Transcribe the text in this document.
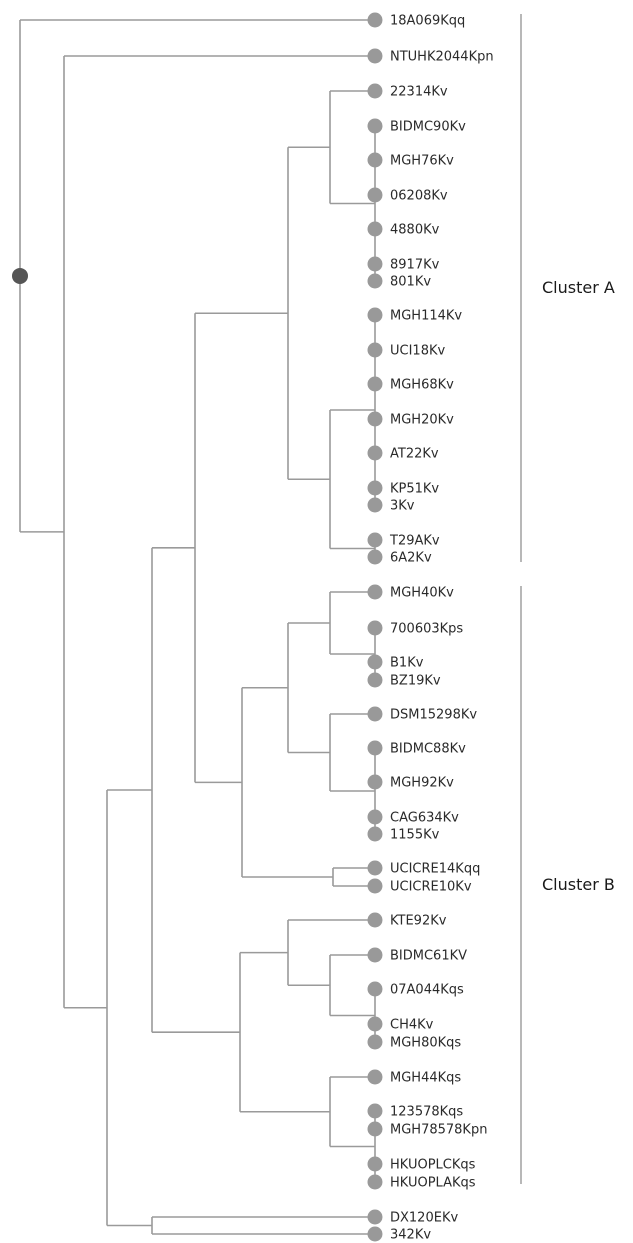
18A069Kqq
NTUHK2044Kpn
22314Kv
BIDMC90Kv
MGH76Kv
06208Kv
4880Kv
8917Kv
801Kv
MGH114Kv
UCI18Kv
MGH68Kv
MGH20Kv
AT22Kv
KP51Kv
3Kv
T29AKv
6A2Kv
MGH40Kv
700603Kps
B1Kv
BZ19Kv
DSM15298Kv
BIDMC88Kv
MGH92Kv
CAG634Kv
1155Kv
UCICRE14Kqq
UCICRE10Kv
KTE92Kv
BIDMC61KV
07A044Kqs
CH4Kv
MGH80Kqs
MGH44Kqs
123578Kqs
MGH78578Kpn
HKUOPLCKqs
HKUOPLAKqs
DX120EKv
342Kv
Cluster A
Cluster B
